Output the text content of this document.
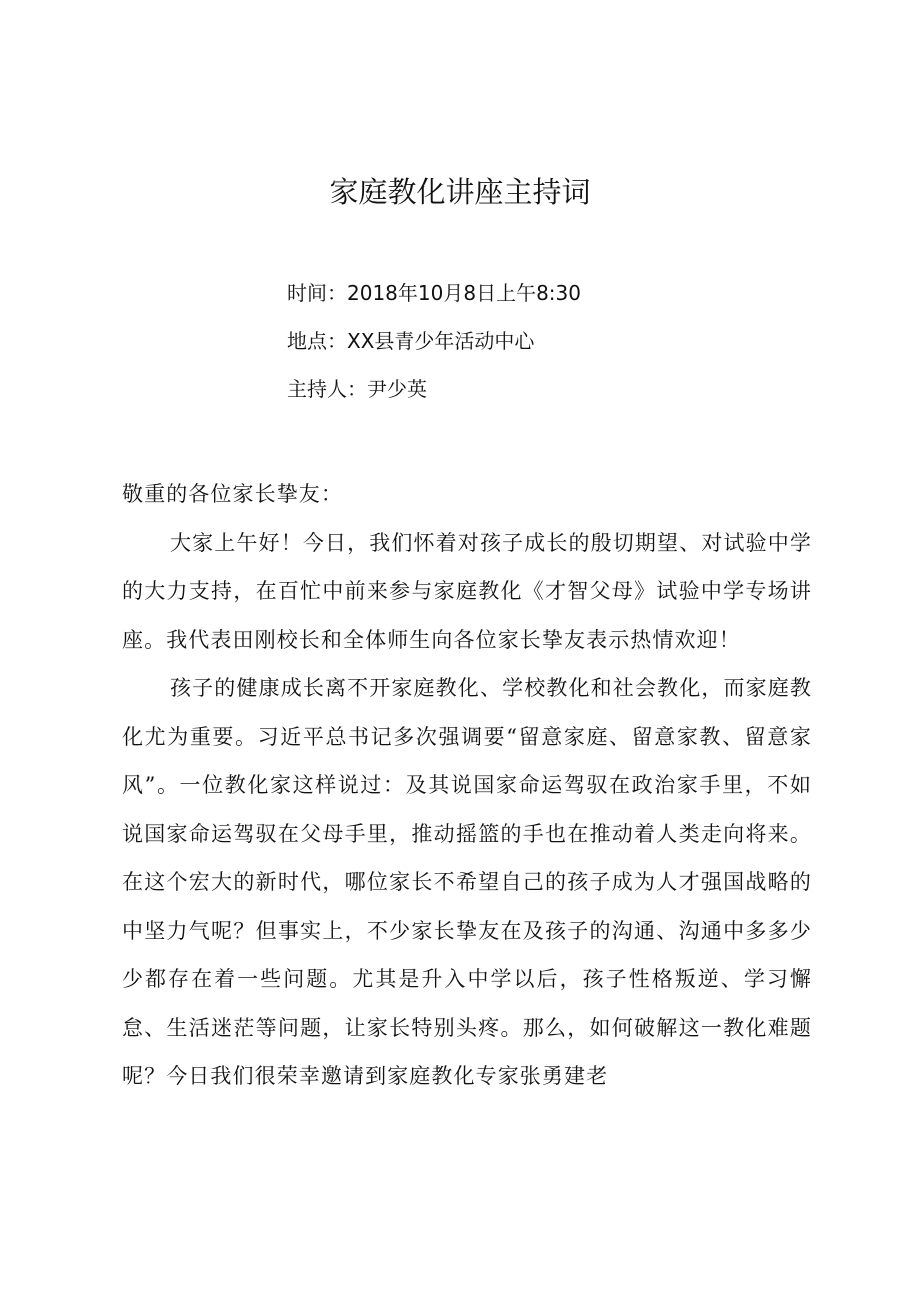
家庭教化讲座主持词
时间：2018年10月8日上午8:30
地点：XX县青少年活动中心
主持人：尹少英

敬重的各位家长挚友：

大家上午好！今日，我们怀着对孩子成长的殷切期望、对试验中学的大力支持，在百忙中前来参与家庭教化《才智父母》试验中学专场讲座。我代表田刚校长和全体师生向各位家长挚友表示热情欢迎！

孩子的健康成长离不开家庭教化、学校教化和社会教化，而家庭教化尤为重要。习近平总书记多次强调要“留意家庭、留意家教、留意家风”。一位教化家这样说过：及其说国家命运驾驭在政治家手里，不如说国家命运驾驭在父母手里，推动摇篮的手也在推动着人类走向将来。在这个宏大的新时代，哪位家长不希望自己的孩子成为人才强国战略的中坚力气呢？但事实上，不少家长挚友在及孩子的沟通、沟通中多多少少都存在着一些问题。尤其是升入中学以后，孩子性格叛逆、学习懈怠、生活迷茫等问题，让家长特别头疼。那么，如何破解这一教化难题呢？今日我们很荣幸邀请到家庭教化专家张勇建老
